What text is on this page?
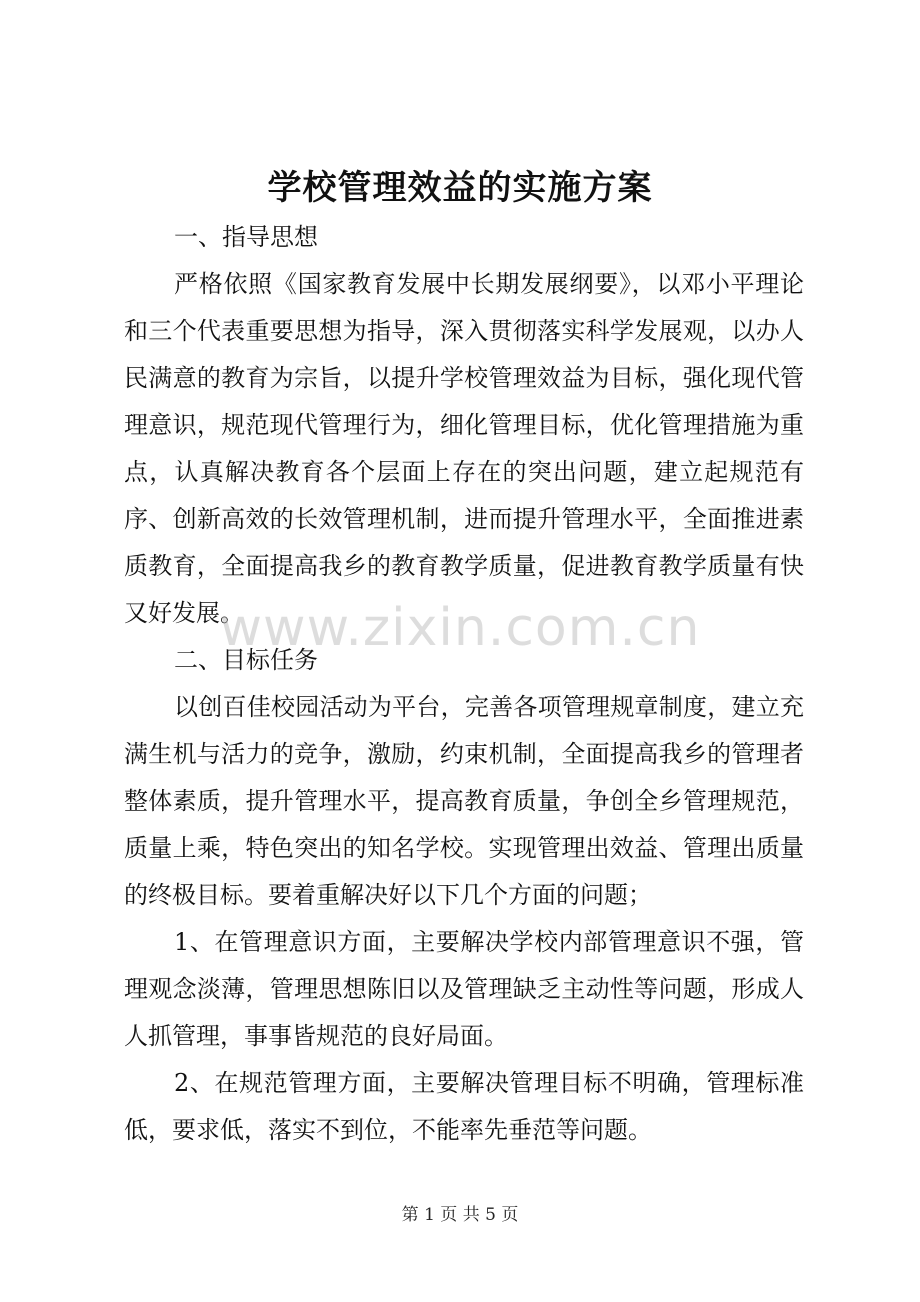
学校管理效益的实施方案

一、指导思想

严格依照《国家教育发展中长期发展纲要》，以邓小平理论和三个代表重要思想为指导，深入贯彻落实科学发展观，以办人民满意的教育为宗旨，以提升学校管理效益为目标，强化现代管理意识，规范现代管理行为，细化管理目标，优化管理措施为重点，认真解决教育各个层面上存在的突出问题，建立起规范有序、创新高效的长效管理机制，进而提升管理水平，全面推进素质教育，全面提高我乡的教育教学质量，促进教育教学质量有快又好发展。

二、目标任务

以创百佳校园活动为平台，完善各项管理规章制度，建立充满生机与活力的竞争，激励，约束机制，全面提高我乡的管理者整体素质，提升管理水平，提高教育质量，争创全乡管理规范，质量上乘，特色突出的知名学校。实现管理出效益、管理出质量的终极目标。要着重解决好以下几个方面的问题；

1、在管理意识方面，主要解决学校内部管理意识不强，管理观念淡薄，管理思想陈旧以及管理缺乏主动性等问题，形成人人抓管理，事事皆规范的良好局面。

2、在规范管理方面，主要解决管理目标不明确，管理标准低，要求低，落实不到位，不能率先垂范等问题。

www.zixin.com.cn
第 1 页 共 5 页
